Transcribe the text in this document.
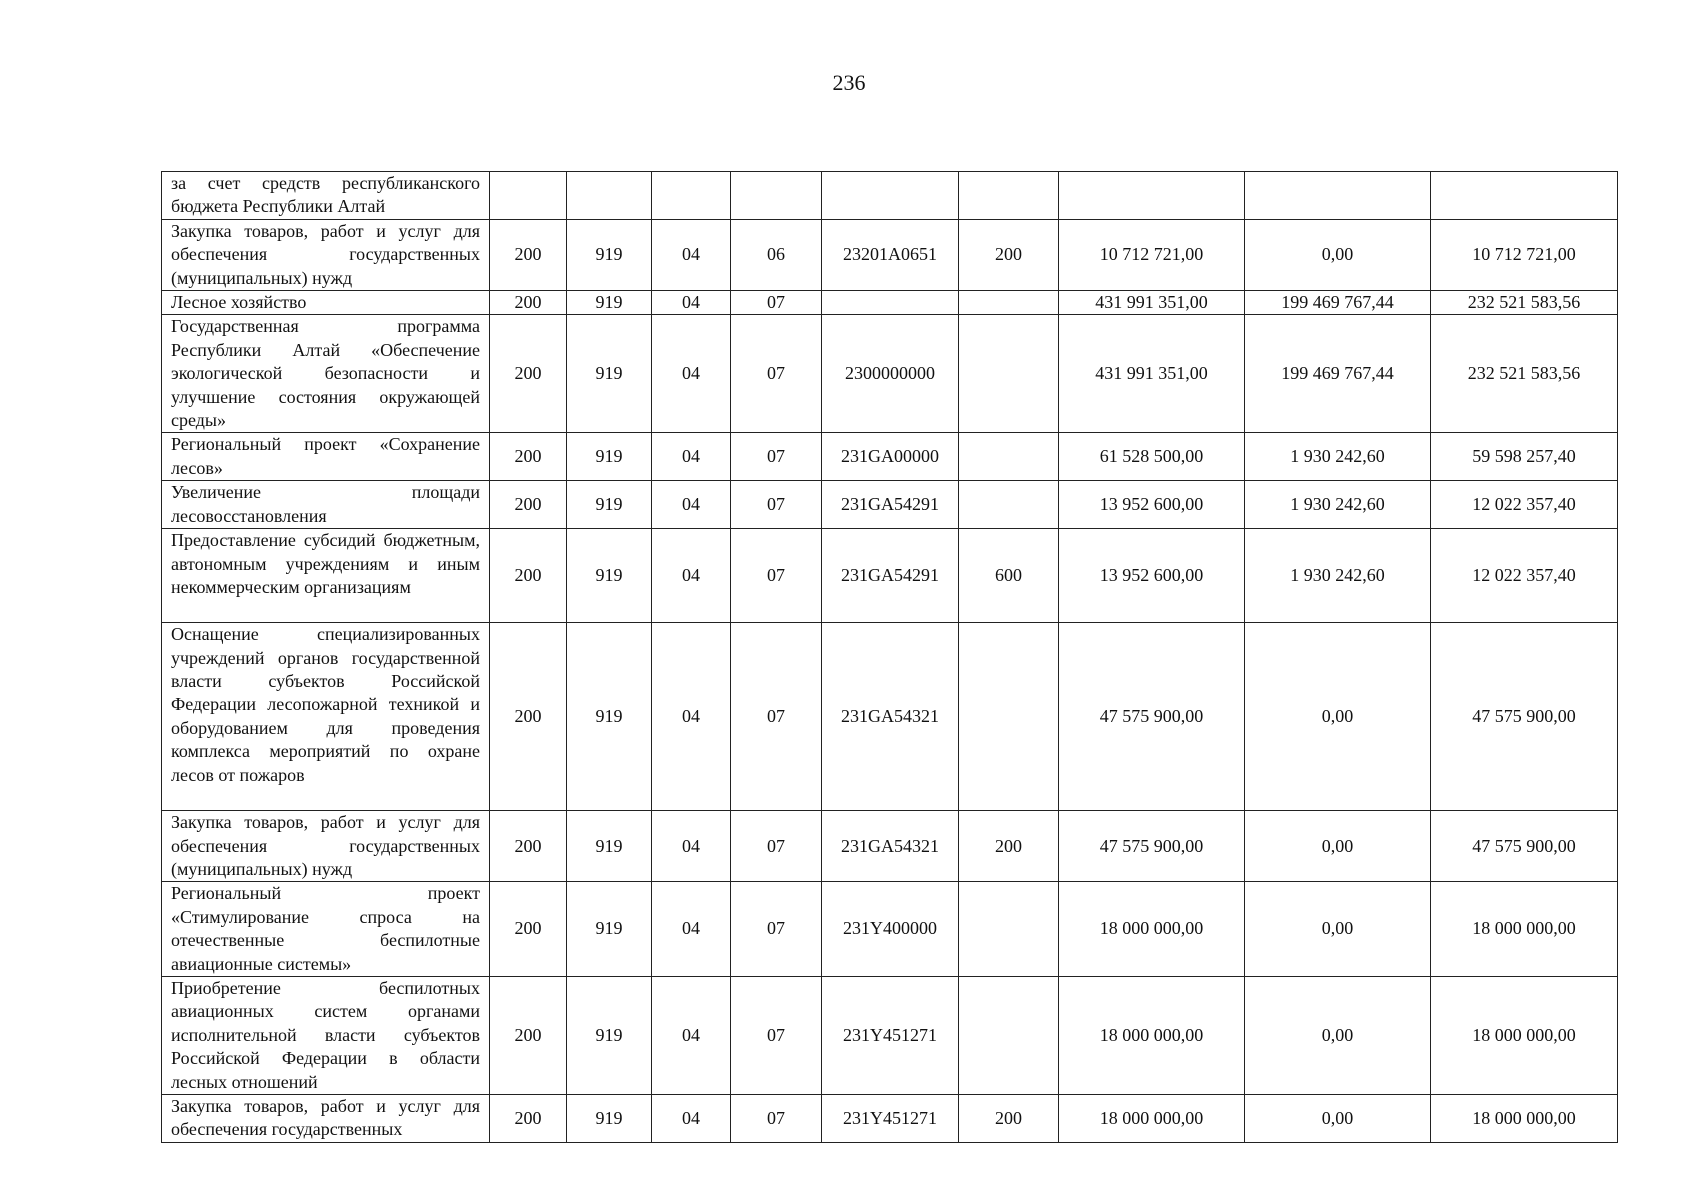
236
за счет средств республиканского бюджета Республики Алтай									
Закупка товаров, работ и услуг для обеспечения государственных (муниципальных) нужд	200	919	04	06	23201А0651	200	10 712 721,00	0,00	10 712 721,00
Лесное хозяйство	200	919	04	07			431 991 351,00	199 469 767,44	232 521 583,56
Государственная программа Республики Алтай «Обеспечение экологической безопасности и улучшение состояния окружающей среды»	200	919	04	07	2300000000		431 991 351,00	199 469 767,44	232 521 583,56
Региональный проект «Сохранение лесов»	200	919	04	07	231GA00000		61 528 500,00	1 930 242,60	59 598 257,40
Увеличение площади лесовосстановления	200	919	04	07	231GA54291		13 952 600,00	1 930 242,60	12 022 357,40
Предоставление субсидий бюджетным, автономным учреждениям и иным некоммерческим организациям	200	919	04	07	231GA54291	600	13 952 600,00	1 930 242,60	12 022 357,40
Оснащение специализированных учреждений органов государственной власти субъектов Российской Федерации лесопожарной техникой и оборудованием для проведения комплекса мероприятий по охране лесов от пожаров	200	919	04	07	231GA54321		47 575 900,00	0,00	47 575 900,00
Закупка товаров, работ и услуг для обеспечения государственных (муниципальных) нужд	200	919	04	07	231GA54321	200	47 575 900,00	0,00	47 575 900,00
Региональный проект «Стимулирование спроса на отечественные беспилотные авиационные системы»	200	919	04	07	231Y400000		18 000 000,00	0,00	18 000 000,00
Приобретение беспилотных авиационных систем органами исполнительной власти субъектов Российской Федерации в области лесных отношений	200	919	04	07	231Y451271		18 000 000,00	0,00	18 000 000,00
Закупка товаров, работ и услуг для обеспечения государственных	200	919	04	07	231Y451271	200	18 000 000,00	0,00	18 000 000,00
